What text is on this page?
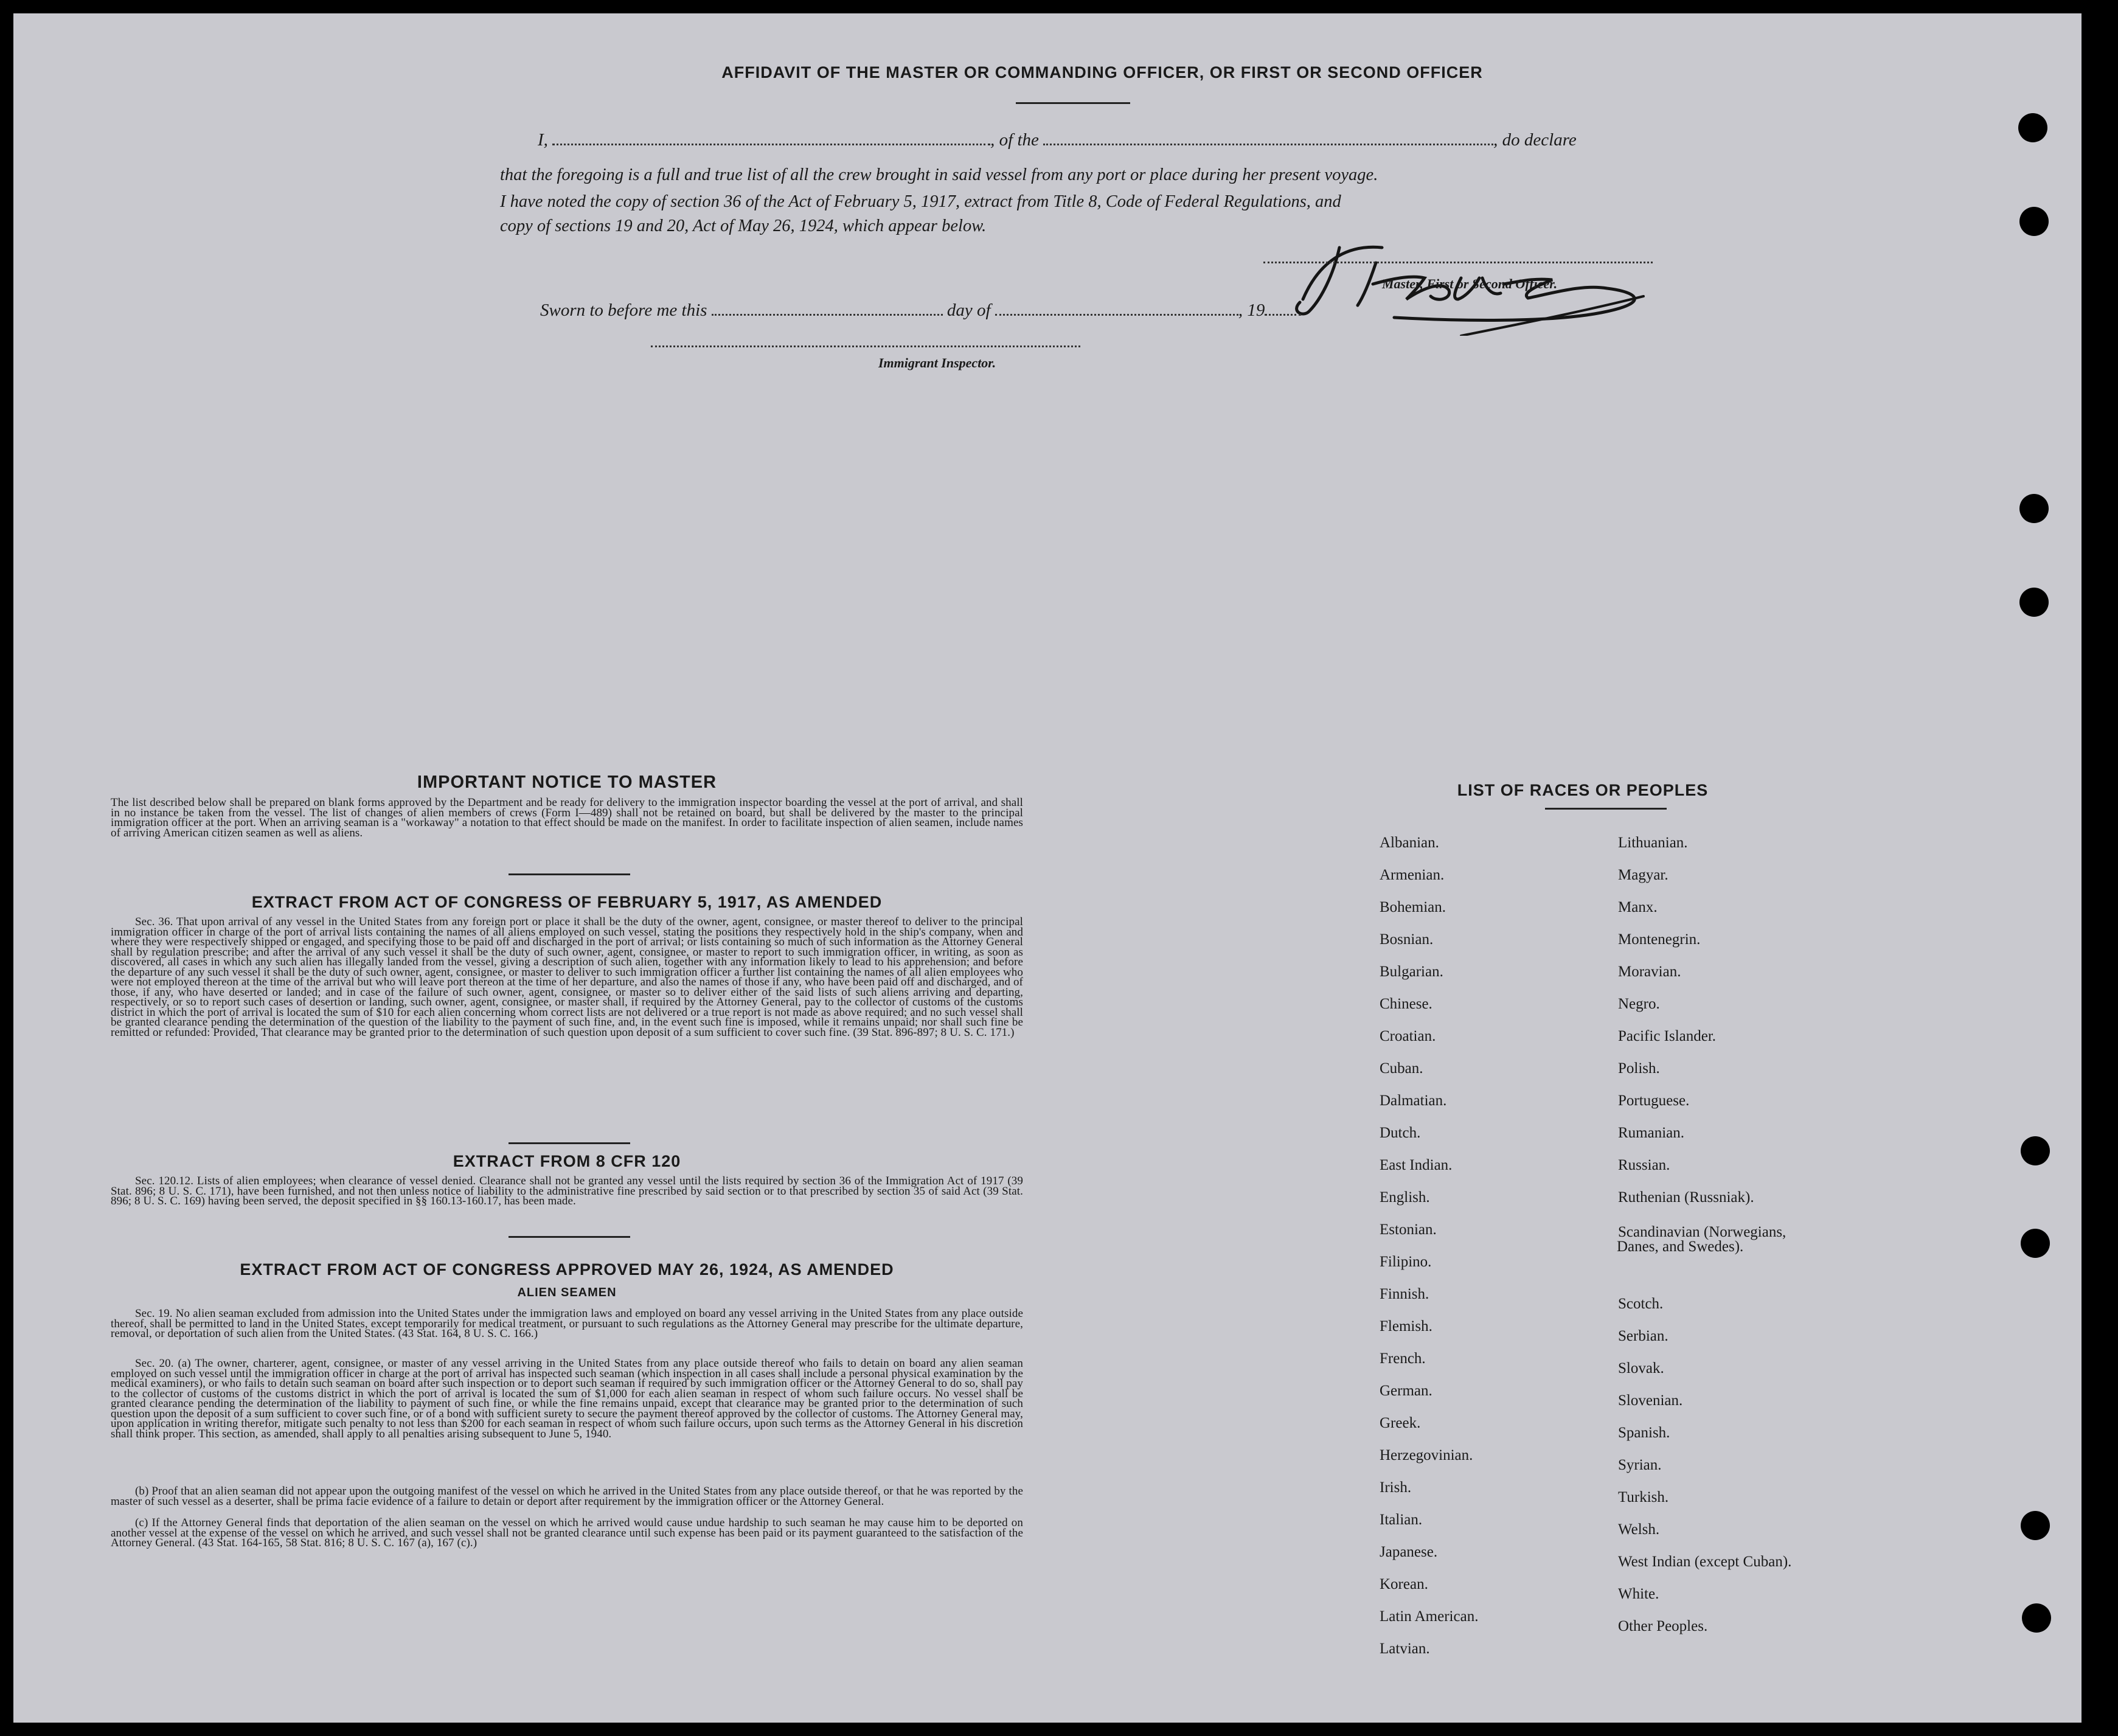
AFFIDAVIT OF THE MASTER OR COMMANDING OFFICER, OR FIRST OR SECOND OFFICER
I,	, of the	, do declare
that the foregoing is a full and true list of all the crew brought in said vessel from any port or place during her present voyage.
I have noted the copy of section 36 of the Act of February 5, 1917, extract from Title 8, Code of Federal Regulations, and
copy of sections 19 and 20, Act of May 26, 1924, which appear below.	H. Stokke
Master, First or Second Officer.
Sworn to before me this	day of	, 19
Immigrant Inspector.
IMPORTANT NOTICE TO MASTER
The list described below shall be prepared on blank forms approved by the Department and be ready for delivery to the immigration inspector boarding the vessel at the port of arrival, and shall in no instance be taken from the vessel. The list of changes of alien members of crews (Form I—489) shall not be retained on board, but shall be delivered by the master to the principal immigration officer at the port. When an arriving seaman is a "workaway" a notation to that effect should be made on the manifest. In order to facilitate inspection of alien seamen, include names of arriving American citizen seamen as well as aliens.
EXTRACT FROM ACT OF CONGRESS OF FEBRUARY 5, 1917, AS AMENDED
Sec. 36. That upon arrival of any vessel in the United States from any foreign port or place it shall be the duty of the owner, agent, consignee, or master thereof to deliver to the principal immigration officer in charge of the port of arrival lists containing the names of all aliens employed on such vessel, stating the positions they respectively hold in the ship's company, when and where they were respectively shipped or engaged, and specifying those to be paid off and discharged in the port of arrival; or lists containing so much of such information as the Attorney General shall by regulation prescribe; and after the arrival of any such vessel it shall be the duty of such owner, agent, consignee, or master to report to such immigration officer, in writing, as soon as discovered, all cases in which any such alien has illegally landed from the vessel, giving a description of such alien, together with any information likely to lead to his apprehension; and before the departure of any such vessel it shall be the duty of such owner, agent, consignee, or master to deliver to such immigration officer a further list containing the names of all alien employees who were not employed thereon at the time of the arrival but who will leave port thereon at the time of her departure, and also the names of those if any, who have been paid off and discharged, and of those, if any, who have deserted or landed; and in case of the failure of such owner, agent, consignee, or master so to deliver either of the said lists of such aliens arriving and departing, respectively, or so to report such cases of desertion or landing, such owner, agent, consignee, or master shall, if required by the Attorney General, pay to the collector of customs of the customs district in which the port of arrival is located the sum of $10 for each alien concerning whom correct lists are not delivered or a true report is not made as above required; and no such vessel shall be granted clearance pending the determination of the question of the liability to the payment of such fine, and, in the event such fine is imposed, while it remains unpaid; nor shall such fine be remitted or refunded: Provided, That clearance may be granted prior to the determination of such question upon deposit of a sum sufficient to cover such fine. (39 Stat. 896-897; 8 U. S. C. 171.)
EXTRACT FROM 8 CFR 120
Sec. 120.12. Lists of alien employees; when clearance of vessel denied. Clearance shall not be granted any vessel until the lists required by section 36 of the Immigration Act of 1917 (39 Stat. 896; 8 U. S. C. 171), have been furnished, and not then unless notice of liability to the administrative fine prescribed by said section or to that prescribed by section 35 of said Act (39 Stat. 896; 8 U. S. C. 169) having been served, the deposit specified in §§ 160.13-160.17, has been made.
EXTRACT FROM ACT OF CONGRESS APPROVED MAY 26, 1924, AS AMENDED
ALIEN SEAMEN
Sec. 19. No alien seaman excluded from admission into the United States under the immigration laws and employed on board any vessel arriving in the United States from any place outside thereof, shall be permitted to land in the United States, except temporarily for medical treatment, or pursuant to such regulations as the Attorney General may prescribe for the ultimate departure, removal, or deportation of such alien from the United States. (43 Stat. 164, 8 U. S. C. 166.)
Sec. 20. (a) The owner, charterer, agent, consignee, or master of any vessel arriving in the United States from any place outside thereof who fails to detain on board any alien seaman employed on such vessel until the immigration officer in charge at the port of arrival has inspected such seaman (which inspection in all cases shall include a personal physical examination by the medical examiners), or who fails to detain such seaman on board after such inspection or to deport such seaman if required by such immigration officer or the Attorney General to do so, shall pay to the collector of customs of the customs district in which the port of arrival is located the sum of $1,000 for each alien seaman in respect of whom such failure occurs. No vessel shall be granted clearance pending the determination of the liability to payment of such fine, or while the fine remains unpaid, except that clearance may be granted prior to the determination of such question upon the deposit of a sum sufficient to cover such fine, or of a bond with sufficient surety to secure the payment thereof approved by the collector of customs. The Attorney General may, upon application in writing therefor, mitigate such penalty to not less than $200 for each seaman in respect of whom such failure occurs, upon such terms as the Attorney General in his discretion shall think proper. This section, as amended, shall apply to all penalties arising subsequent to June 5, 1940.
(b) Proof that an alien seaman did not appear upon the outgoing manifest of the vessel on which he arrived in the United States from any place outside thereof, or that he was reported by the master of such vessel as a deserter, shall be prima facie evidence of a failure to detain or deport after requirement by the immigration officer or the Attorney General.
(c) If the Attorney General finds that deportation of the alien seaman on the vessel on which he arrived would cause undue hardship to such seaman he may cause him to be deported on another vessel at the expense of the vessel on which he arrived, and such vessel shall not be granted clearance until such expense has been paid or its payment guaranteed to the satisfaction of the Attorney General. (43 Stat. 164-165, 58 Stat. 816; 8 U. S. C. 167 (a), 167 (c).)
LIST OF RACES OR PEOPLES
Albanian.
Armenian.
Bohemian.
Bosnian.
Bulgarian.
Chinese.
Croatian.
Cuban.
Dalmatian.
Dutch.
East Indian.
English.
Estonian.
Filipino.
Finnish.
Flemish.
French.
German.
Greek.
Herzegovinian.
Irish.
Italian.
Japanese.
Korean.
Latin American.
Latvian.
Lithuanian.
Magyar.
Manx.
Montenegrin.
Moravian.
Negro.
Pacific Islander.
Polish.
Portuguese.
Rumanian.
Russian.
Ruthenian (Russniak).
Scandinavian (Norwegians,
Danes, and Swedes).
Scotch.
Serbian.
Slovak.
Slovenian.
Spanish.
Syrian.
Turkish.
Welsh.
West Indian (except Cuban).
White.
Other Peoples.
